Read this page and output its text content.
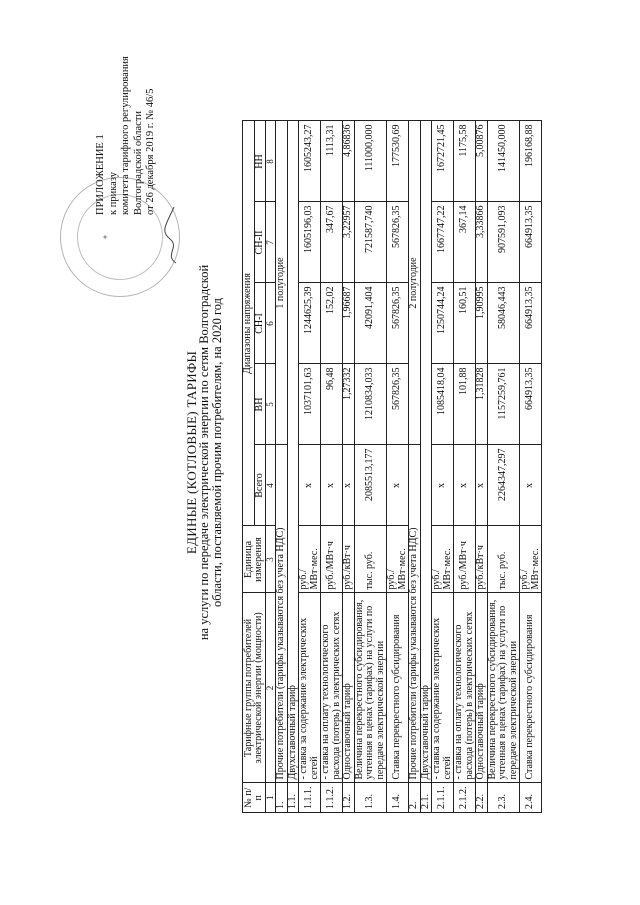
✦
ПРИЛОЖЕНИЕ 1 к приказу комитета тарифного регулирования Волгоградской области от 26 декабря 2019 г. № 46/5
ЕДИНЫЕ (КОТЛОВЫЕ) ТАРИФЫ
на услуги по передаче электрической энергии по сетям Волгоградской области, поставляемой прочим потребителям, на 2020 год
№ п/п	Тарифные группы потребителей электрической энергии (мощности)	Единица измерения	Диапазоны напряжения				
			Всего	ВН	СН-I	СН-II	НН
1	2	3	4	5	6	7	8
1.	Прочие потребители (тарифы указываются без учета НДС)			1 полугодие			
1.1.	Двухставочный тариф						
1.1.1.	- ставка за содержание электрических сетей	руб./МВт·мес.	х	1037101,63	1244625,39	1605196,03	1605243,27
1.1.2.	- ставка на оплату технологического расхода (потерь) в электрических сетях	руб./МВт·ч	х	96,48	152,02	347,67	1113,31
1.2.	Одноставочный тариф	руб./кВт·ч	х	1,27332	1,96687	3,22957	4,86836
1.3.	Величина перекрестного субсидирования, учтенная в ценах (тарифах) на услуги по передаче электрической энергии	тыс. руб.	2085513,177	1210834,033	42091,404	721587,740	111000,000
1.4.	Ставка перекрестного субсидирования	руб./МВт·мес.	х	567826,35	567826,35	567826,35	177530,69
2.	Прочие потребители (тарифы указываются без учета НДС)			2 полугодие			
2.1.	Двухставочный тариф						
2.1.1.	- ставка за содержание электрических сетей	руб./МВт·мес.	х	1085418,04	1250744,24	1667747,22	1672721,45
2.1.2.	- ставка на оплату технологического расхода (потерь) в электрических сетях	руб./МВт·ч	х	101,88	160,51	367,14	1175,58
2.2.	Одноставочный тариф	руб./кВт·ч	х	1,31828	1,90995	3,33866	5,00876
2.3.	Величина перекрестного субсидирования, учтенная в ценах (тарифах) на услуги по передаче электрической энергии	тыс. руб.	2264347,297	1157259,761	58046,443	907591,093	141450,000
2.4.	Ставка перекрестного субсидирования	руб./МВт·мес.	х	664913,35	664913,35	664913,35	196168,88
